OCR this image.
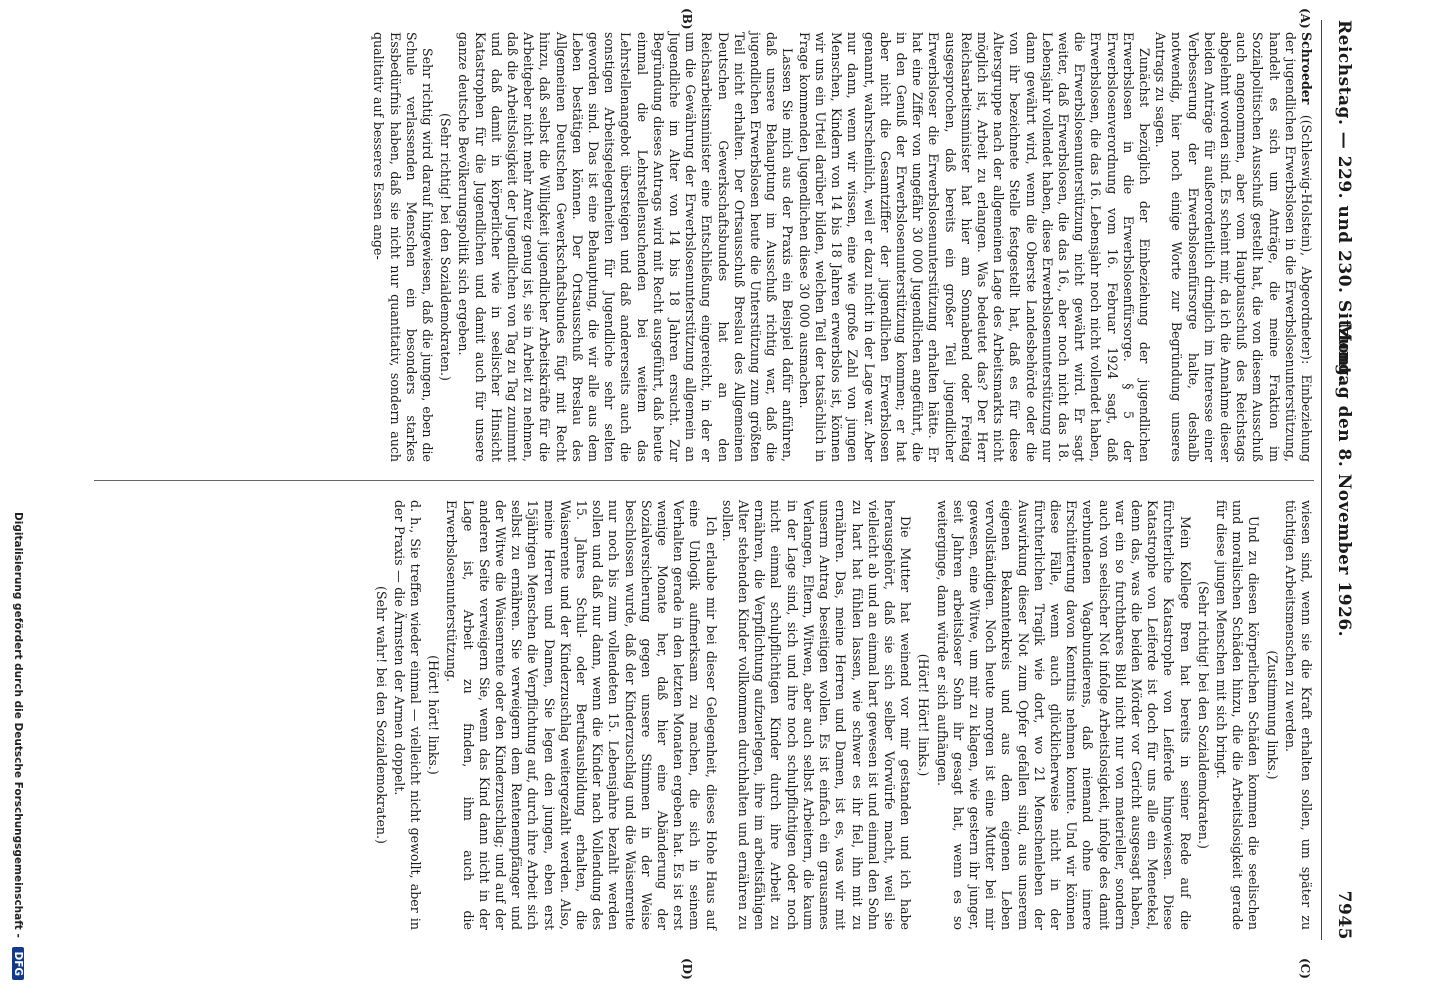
Reichstag. — 229. und 230. Sitzung.
Montag den 8. November 1926.
7945
(A)
(B)
(C)
(D)

Schroeder ((Schleswig-Holstein), Abgeordneter): Einbeziehung der jugendlichen Erwerbslosen in die Erwerbslosenunterstützung, handelt es sich um Anträge, die meine Fraktion im Sozialpolitischen Ausschuß gestellt hat, die von diesem Ausschuß auch angenommen, aber vom Hauptausschuß des Reichstags abgelehnt worden sind. Es scheint mir, da ich die Annahme dieser beiden Anträge für außerordentlich dringlich im Interesse einer Verbesserung der Erwerbslosenfürsorge halte, deshalb notwendig, hier noch einige Worte zur Begründung unseres Antrags zu sagen.

Zunächst bezüglich der Einbeziehung der jugendlichen Erwerbslosen in die Erwerbslosenfürsorge. § 5 der Erwerbslosenverordnung vom 16. Februar 1924 sagt, daß Erwerbslosen, die das 16. Lebensjahr noch nicht vollendet haben, die Erwerbslosenunterstützung nicht gewährt wird. Er sagt weiter, daß Erwerbslosen, die das 16., aber noch nicht das 18. Lebensjahr vollendet haben, diese Erwerbslosenunterstützung nur dann gewährt wird, wenn die Oberste Landesbehörde oder die von ihr bezeichnete Stelle festgestellt hat, daß es für diese Altersgruppe nach der allgemeinen Lage des Arbeitsmarkts nicht möglich ist, Arbeit zu erlangen. Was bedeutet das? Der Herr Reichsarbeitsminister hat hier am Sonnabend oder Freitag ausgesprochen, daß bereits ein großer Teil jugendlicher Erwerbsloser die Erwerbslosenunterstützung erhalten hätte. Er hat eine Ziffer von ungefähr 30 000 Jugendlichen angeführt, die in den Genuß der Erwerbslosenunterstützung kommen; er hat aber nicht die Gesamtziffer der jugendlichen Erwerbslosen genannt, wahrscheinlich, weil er dazu nicht in der Lage war. Aber nur dann, wenn wir wissen, eine wie große Zahl von jungen Menschen, Kindern von 14 bis 18 Jahren erwerbslos ist, können wir uns ein Urteil darüber bilden, welchen Teil der tatsächlich in Frage kommenden Jugendlichen diese 30 000 ausmachen.

Lassen Sie mich aus der Praxis ein Beispiel dafür anführen, daß unsere Behauptung im Ausschuß richtig war, daß die jugendlichen Erwerbslosen heute die Unterstützung zum größten Teil nicht erhalten. Der Ortsausschuß Breslau des Allgemeinen Deutschen Gewerkschaftsbundes hat an den Reichsarbeitsminister eine Entschließung eingereicht, in der er um die Gewährung der Erwerbslosenunterstützung allgemein an Jugendliche im Alter von 14 bis 18 Jahren ersucht. Zur Begründung dieses Antrags wird mit Recht ausgeführt, daß heute einmal die Lehrstellensuchenden bei weitem das Lehrstellenangebot übersteigen und daß andererseits auch die sonstigen Arbeitsgelegenheiten für Jugendliche sehr selten geworden sind. Das ist eine Behauptung, die wir alle aus dem Leben bestätigen können. Der Ortsausschuß Breslau des Allgemeinen Deutschen Gewerkschaftsbundes fügt mit Recht hinzu, daß selbst die Willigkeit jugendlicher Arbeitskräfte für die Arbeitgeber nicht mehr Anreiz genug ist, sie in Arbeit zu nehmen, daß die Arbeitslosigkeit der Jugendlichen von Tag zu Tag zunimmt und daß damit in körperlicher wie in seelischer Hinsicht Katastrophen für die Jugendlichen und damit auch für unsere ganze deutsche Bevölkerungspolitik sich ergeben.

(Sehr richtig! bei den Sozialdemokraten.)

Sehr richtig wird darauf hingewiesen, daß die jungen, eben die Schule verlassenden Menschen ein besonders starkes Essbedürfnis haben, daß sie nicht nur quantitativ, sondern auch qualitativ auf besseres Essen ange-

wiesen sind, wenn sie die Kraft erhalten sollen, um später zu tüchtigen Arbeitsmenschen zu werden.

(Zustimmung links.)

Und zu diesen körperlichen Schäden kommen die seelischen und moralischen Schäden hinzu, die die Arbeitslosigkeit gerade für diese jungen Menschen mit sich bringt.

(Sehr richtig! bei den Sozialdemokraten.)

Mein Kollege Bren hat bereits in seiner Rede auf die fürchterliche Katastrophe von Leiferde hingewiesen. Diese Katastrophe von Leiferde ist doch für uns alle ein Menetekel, denn das, was die beiden Mörder vor Gericht ausgesagt haben, war ein so furchtbares Bild nicht nur von materieller, sondern auch von seelischer Not infolge Arbeitslosigkeit, infolge des damit verbundenen Vagabundierens, daß niemand ohne innere Erschütterung davon Kenntnis nehmen konnte. Und wir können diese Fälle, wenn auch glücklicherweise nicht in der fürchterlichen Tragik wie dort, wo 21 Menschenleben der Auswirkung dieser Not zum Opfer gefallen sind, aus unserem eigenen Bekanntenkreis und aus dem eigenen Leben vervollständigen. Noch heute morgen ist eine Mutter bei mir gewesen, eine Witwe, um mir zu klagen, wie gestern ihr junger, seit Jahren arbeitsloser Sohn ihr gesagt hat, wenn es so weiterginge, dann würde er sich aufhängen.

(Hört! Hört! links.)

Die Mutter hat weinend vor mir gestanden und ich habe herausgehört, daß sie sich selber Vorwürfe macht, weil sie vielleicht ab und an einmal hart gewesen ist und einmal den Sohn zu hart hat fühlen lassen, wie schwer es ihr fiel, ihn mit zu ernähren. Das, meine Herren und Damen, ist es, was wir mit unserm Antrag beseitigen wollen. Es ist einfach ein grausames Verlangen, Eltern, Witwen, aber auch selbst Arbeitern, die kaum in der Lage sind, sich und ihre noch schulpflichtigen oder noch nicht einmal schulpflichtigen Kinder durch ihre Arbeit zu ernähren, die Verpflichtung aufzuerlegen, ihre im arbeitsfähigen Alter stehenden Kinder vollkommen durchhalten und ernähren zu sollen.

Ich erlaube mir bei dieser Gelegenheit, dieses Hohe Haus auf eine Unlogik aufmerksam zu machen, die sich in seinem Verhalten gerade in den letzten Monaten ergeben hat. Es ist erst wenige Monate her, daß hier eine Abänderung der Sozialversicherung gegen unsere Stimmen in der Weise beschlossen wurde, daß der Kinderzuschlag und die Waisenrente nur noch bis zum vollendeten 15. Lebensjahre bezahlt werden sollen und daß nur dann, wenn die Kinder nach Vollendung des 15. Jahres Schul- oder Berufsausbildung erhalten, die Waisenrente und der Kinderzuschlag weitergezahlt werden. Also, meine Herren und Damen, Sie legen den jungen, eben erst 15jährigen Menschen die Verpflichtung auf, durch ihre Arbeit sich selbst zu ernähren. Sie verweigern dem Rentenempfänger und der Witwe die Waisenrente oder den Kinderzuschlag; und auf der anderen Seite verweigern Sie, wenn das Kind dann nicht in der Lage ist, Arbeit zu finden, ihm auch die Erwerbslosenunterstützung.

(Hört! hört! links.)

d. h., Sie treffen wieder einmal — vielleicht nicht gewollt, aber in der Praxis — die Ärmsten der Armen doppelt.

(Sehr wahr! bei den Sozialdemokraten.)

Digitalisierung gefördert durch die Deutsche Forschungsgemeinschaft - DFG
